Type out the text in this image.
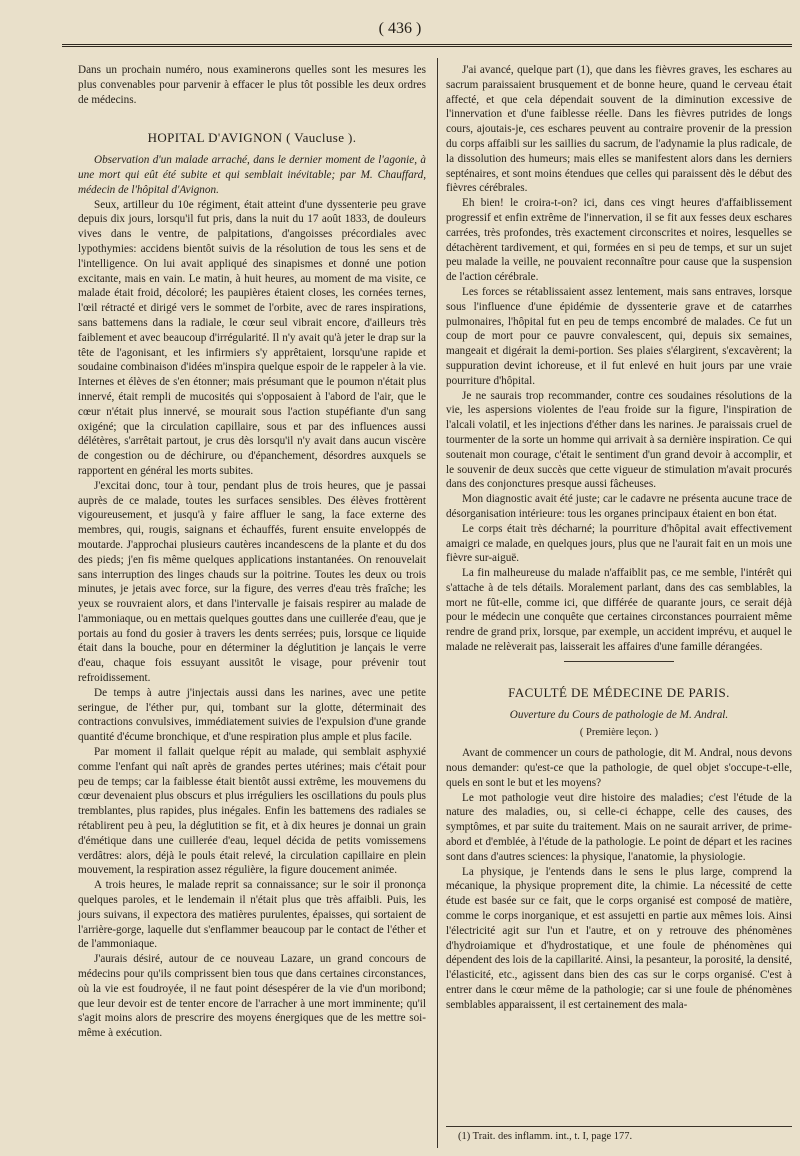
( 436 )

Dans un prochain numéro, nous examinerons quelles sont les mesures les plus convenables pour parvenir à effacer le plus tôt possible les deux ordres de médecins.

HOPITAL D'AVIGNON ( Vaucluse ).

Observation d'un malade arraché, dans le dernier moment de l'agonie, à une mort qui eût été subite et qui semblait inévitable; par M. Chauffard, médecin de l'hôpital d'Avignon.

Seux, artilleur du 10e régiment, était atteint d'une dyssenterie peu grave depuis dix jours, lorsqu'il fut pris, dans la nuit du 17 août 1833, de douleurs vives dans le ventre, de palpitations, d'angoisses précordiales avec lypothymies: accidens bientôt suivis de la résolution de tous les sens et de l'intelligence. On lui avait appliqué des sinapismes et donné une potion excitante, mais en vain. Le matin, à huit heures, au moment de ma visite, ce malade était froid, décoloré; les paupières étaient closes, les cornées ternes, l'œil rétracté et dirigé vers le sommet de l'orbite, avec de rares inspirations, sans battemens dans la radiale, le cœur seul vibrait encore, d'ailleurs très faiblement et avec beaucoup d'irrégularité. Il n'y avait qu'à jeter le drap sur la tête de l'agonisant, et les infirmiers s'y apprêtaient, lorsqu'une rapide et soudaine combinaison d'idées m'inspira quelque espoir de le rappeler à la vie. Internes et élèves de s'en étonner; mais présumant que le poumon n'était plus innervé, était rempli de mucosités qui s'opposaient à l'abord de l'air, que le cœur n'était plus innervé, se mourait sous l'action stupéfiante d'un sang oxigéné; que la circulation capillaire, sous et par des influences aussi délétères, s'arrêtait partout, je crus dès lorsqu'il n'y avait dans aucun viscère de congestion ou de déchirure, ou d'épanchement, désordres auxquels se rapportent en général les morts subites.

J'excitai donc, tour à tour, pendant plus de trois heures, que je passai auprès de ce malade, toutes les surfaces sensibles. Des élèves frottèrent vigoureusement, et jusqu'à y faire affluer le sang, la face externe des membres, qui, rougis, saignans et échauffés, furent ensuite enveloppés de moutarde. J'approchai plusieurs cautères incandescens de la plante et du dos des pieds; j'en fis même quelques applications instantanées. On renouvelait sans interruption des linges chauds sur la poitrine. Toutes les deux ou trois minutes, je jetais avec force, sur la figure, des verres d'eau très fraîche; les yeux se rouvraient alors, et dans l'intervalle je faisais respirer au malade de l'ammoniaque, ou en mettais quelques gouttes dans une cuillerée d'eau, que je portais au fond du gosier à travers les dents serrées; puis, lorsque ce liquide était dans la bouche, pour en déterminer la déglutition je lançais le verre d'eau, chaque fois essuyant aussitôt le visage, pour prévenir tout refroidissement.

De temps à autre j'injectais aussi dans les narines, avec une petite seringue, de l'éther pur, qui, tombant sur la glotte, déterminait des contractions convulsives, immédiatement suivies de l'expulsion d'une grande quantité d'écume bronchique, et d'une respiration plus ample et plus facile.

Par moment il fallait quelque répit au malade, qui semblait asphyxié comme l'enfant qui naît après de grandes pertes utérines; mais c'était pour peu de temps; car la faiblesse était bientôt aussi extrême, les mouvemens du cœur devenaient plus obscurs et plus irréguliers les oscillations du pouls plus tremblantes, plus rapides, plus inégales. Enfin les battemens des radiales se rétablirent peu à peu, la déglutition se fit, et à dix heures je donnai un grain d'émétique dans une cuillerée d'eau, lequel décida de petits vomissemens verdâtres: alors, déjà le pouls était relevé, la circulation capillaire en plein mouvement, la respiration assez régulière, la figure doucement animée.

A trois heures, le malade reprit sa connaissance; sur le soir il prononça quelques paroles, et le lendemain il n'était plus que très affaibli. Puis, les jours suivans, il expectora des matières purulentes, épaisses, qui sortaient de l'arrière-gorge, laquelle dut s'enflammer beaucoup par le contact de l'éther et de l'ammoniaque.

J'aurais désiré, autour de ce nouveau Lazare, un grand concours de médecins pour qu'ils comprissent bien tous que dans certaines circonstances, où la vie est foudroyée, il ne faut point désespérer de la vie d'un moribond; que leur devoir est de tenter encore de l'arracher à une mort imminente; qu'il s'agit moins alors de prescrire des moyens énergiques que de les mettre soi-même à exécution.

J'ai avancé, quelque part (1), que dans les fièvres graves, les eschares au sacrum paraissaient brusquement et de bonne heure, quand le cerveau était affecté, et que cela dépendait souvent de la diminution excessive de l'innervation et d'une faiblesse réelle. Dans les fièvres putrides de longs cours, ajoutais-je, ces eschares peuvent au contraire provenir de la pression du corps affaibli sur les saillies du sacrum, de l'adynamie la plus radicale, de la dissolution des humeurs; mais elles se manifestent alors dans les derniers septénaires, et sont moins étendues que celles qui paraissent dès le début des fièvres cérébrales.

Eh bien! le croira-t-on? ici, dans ces vingt heures d'affaiblissement progressif et enfin extrême de l'innervation, il se fit aux fesses deux eschares carrées, très profondes, très exactement circonscrites et noires, lesquelles se détachèrent tardivement, et qui, formées en si peu de temps, et sur un sujet peu malade la veille, ne pouvaient reconnaître pour cause que la suspension de l'action cérébrale.

Les forces se rétablissaient assez lentement, mais sans entraves, lorsque sous l'influence d'une épidémie de dyssenterie grave et de catarrhes pulmonaires, l'hôpital fut en peu de temps encombré de malades. Ce fut un coup de mort pour ce pauvre convalescent, qui, depuis six semaines, mangeait et digérait la demi-portion. Ses plaies s'élargirent, s'excavèrent; la suppuration devint ichoreuse, et il fut enlevé en huit jours par une vraie pourriture d'hôpital.

Je ne saurais trop recommander, contre ces soudaines résolutions de la vie, les aspersions violentes de l'eau froide sur la figure, l'inspiration de l'alcali volatil, et les injections d'éther dans les narines. Je paraissais cruel de tourmenter de la sorte un homme qui arrivait à sa dernière inspiration. Ce qui soutenait mon courage, c'était le sentiment d'un grand devoir à accomplir, et le souvenir de deux succès que cette vigueur de stimulation m'avait procurés dans des conjonctures presque aussi fâcheuses.

Mon diagnostic avait été juste; car le cadavre ne présenta aucune trace de désorganisation intérieure: tous les organes principaux étaient en bon état.

Le corps était très décharné; la pourriture d'hôpital avait effectivement amaigri ce malade, en quelques jours, plus que ne l'aurait fait en un mois une fièvre sur-aiguë.

La fin malheureuse du malade n'affaiblit pas, ce me semble, l'intérêt qui s'attache à de tels détails. Moralement parlant, dans des cas semblables, la mort ne fût-elle, comme ici, que différée de quarante jours, ce serait déjà pour le médecin une conquête que certaines circonstances pourraient même rendre de grand prix, lorsque, par exemple, un accident imprévu, et auquel le malade ne relèverait pas, laisserait les affaires d'une famille dérangées.

FACULTÉ DE MÉDECINE DE PARIS.
Ouverture du Cours de pathologie de M. Andral.
( Première leçon. )

Avant de commencer un cours de pathologie, dit M. Andral, nous devons nous demander: qu'est-ce que la pathologie, de quel objet s'occupe-t-elle, quels en sont le but et les moyens?

Le mot pathologie veut dire histoire des maladies; c'est l'étude de la nature des maladies, ou, si celle-ci échappe, celle des causes, des symptômes, et par suite du traitement. Mais on ne saurait arriver, de prime-abord et d'emblée, à l'étude de la pathologie. Le point de départ et les racines sont dans d'autres sciences: la physique, l'anatomie, la physiologie.

La physique, je l'entends dans le sens le plus large, comprend la mécanique, la physique proprement dite, la chimie. La nécessité de cette étude est basée sur ce fait, que le corps organisé est composé de matière, comme le corps inorganique, et est assujetti en partie aux mêmes lois. Ainsi l'électricité agit sur l'un et l'autre, et on y retrouve des phénomènes d'hydroiamique et d'hydrostatique, et une foule de phénomènes qui dépendent des lois de la capillarité. Ainsi, la pesanteur, la porosité, la densité, l'élasticité, etc., agissent dans bien des cas sur le corps organisé. C'est à entrer dans le cœur même de la pathologie; car si une foule de phénomènes semblables apparaissent, il est certainement des mala-

(1) Trait. des inflamm. int., t. I, page 177.
